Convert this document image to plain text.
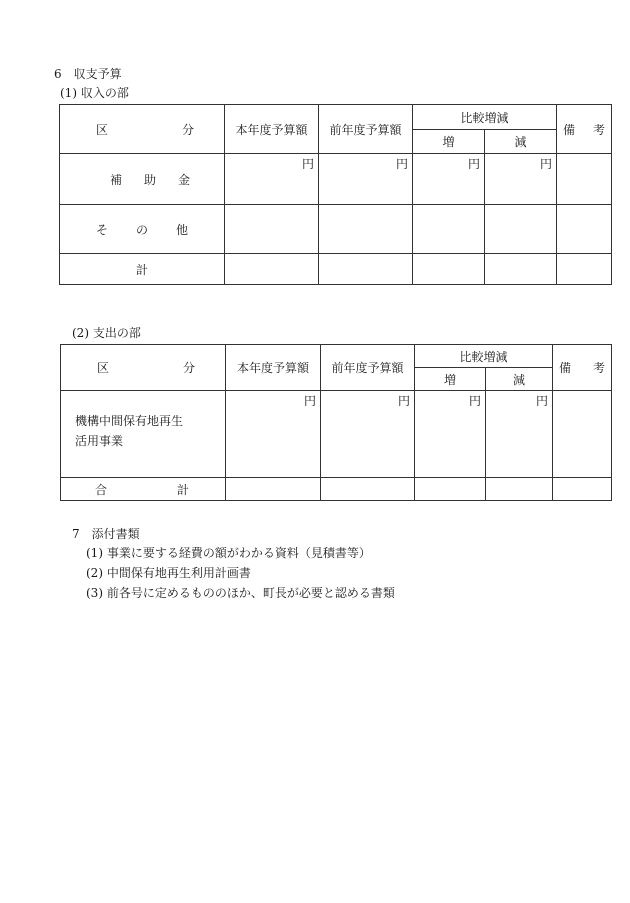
6　収支予算
(1) 収入の部
区 分	本年度予算額	前年度予算額	比較増減		備 考

			増	減	

補 助 金	円	円	円	円	

そ の 他					

計					
(2) 支出の部
区 分	本年度予算額	前年度予算額	比較増減		備 考

			増	減	

機構中間保有地再生
活用事業	円	円	円	円	

合 計					

7　添付書類
(1) 事業に要する経費の額がわかる資料（見積書等）
(2) 中間保有地再生利用計画書
(3) 前各号に定めるもののほか、町長が必要と認める書類
